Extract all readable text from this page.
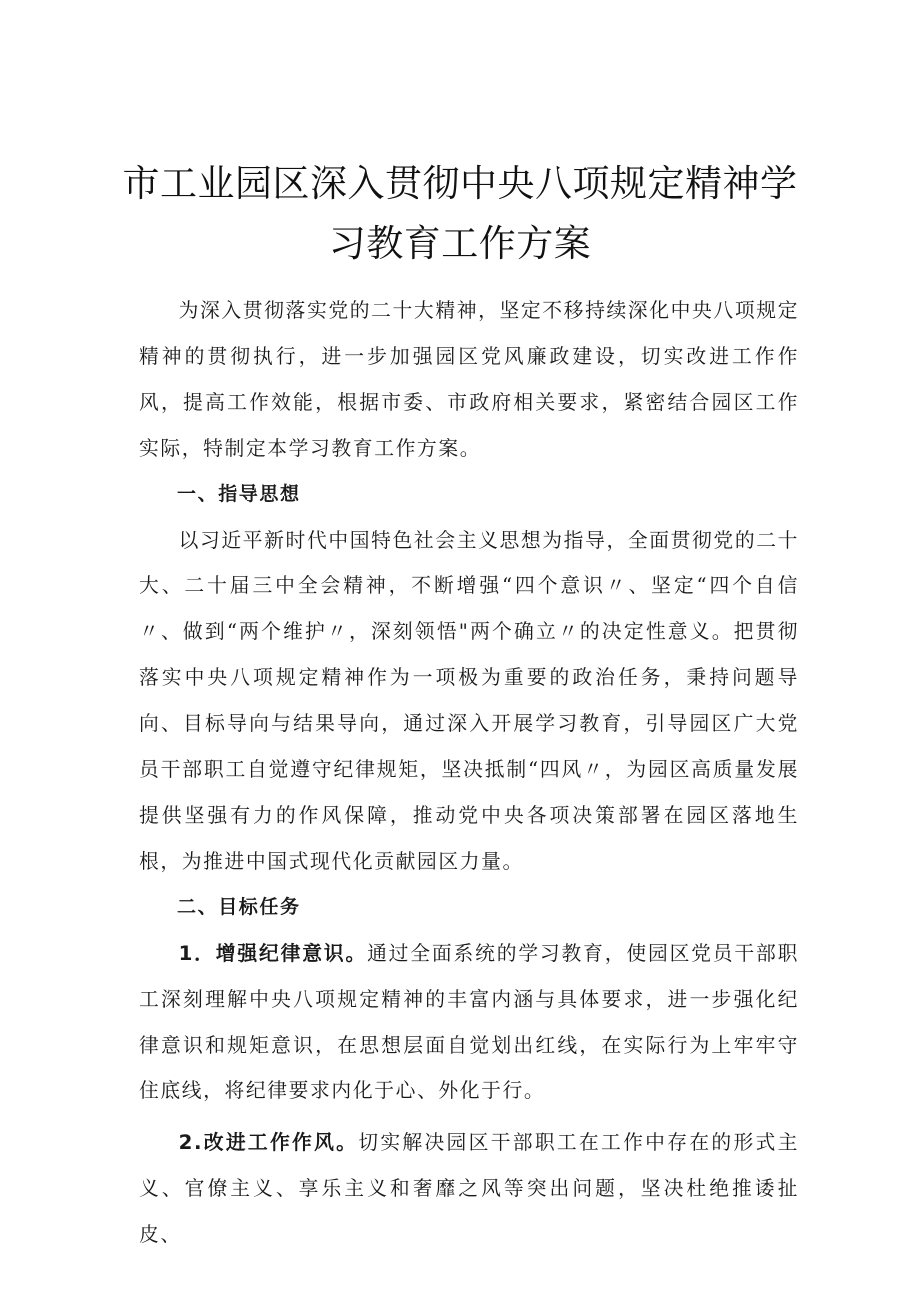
市工业园区深入贯彻中央八项规定精神学
习教育工作方案

为深入贯彻落实党的二十大精神，坚定不移持续深化中央八项规定精神的贯彻执行，进一步加强园区党风廉政建设，切实改进工作作风，提高工作效能，根据市委、市政府相关要求，紧密结合园区工作实际，特制定本学习教育工作方案。

一、指导思想

以习近平新时代中国特色社会主义思想为指导，全面贯彻党的二十大、二十届三中全会精神，不断增强“四个意识〃、坚定“四个自信〃、做到“两个维护〃，深刻领悟"两个确立〃的决定性意义。把贯彻落实中央八项规定精神作为一项极为重要的政治任务，秉持问题导向、目标导向与结果导向，通过深入开展学习教育，引导园区广大党员干部职工自觉遵守纪律规矩，坚决抵制“四风〃，为园区高质量发展提供坚强有力的作风保障，推动党中央各项决策部署在园区落地生根，为推进中国式现代化贡献园区力量。

二、目标任务

1．增强纪律意识。通过全面系统的学习教育，使园区党员干部职工深刻理解中央八项规定精神的丰富内涵与具体要求，进一步强化纪律意识和规矩意识，在思想层面自觉划出红线，在实际行为上牢牢守住底线，将纪律要求内化于心、外化于行。

2.改进工作作风。切实解决园区干部职工在工作中存在的形式主义、官僚主义、享乐主义和奢靡之风等突出问题，坚决杜绝推诿扯皮、
